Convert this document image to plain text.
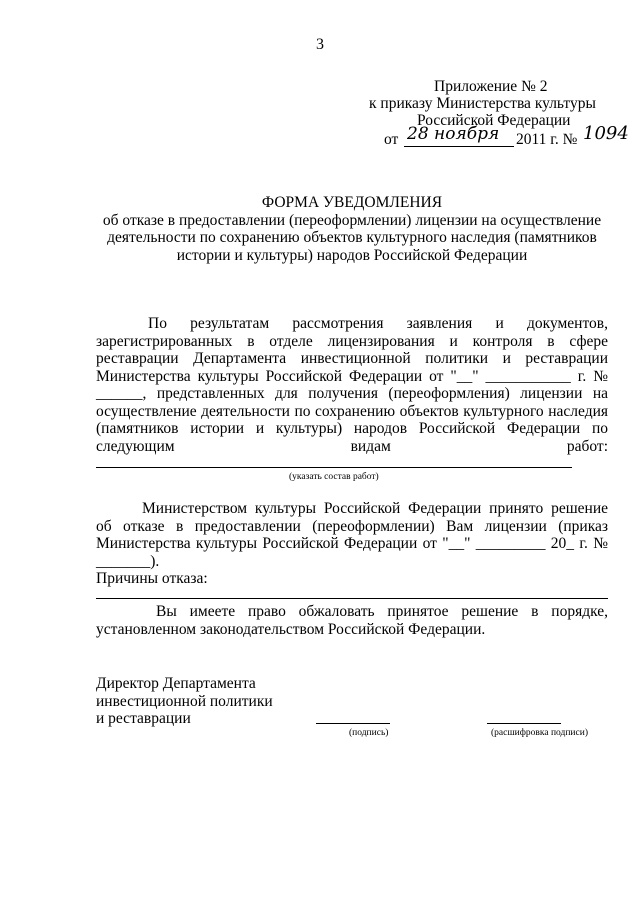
3
Приложение № 2
к приказу Министерства культуры
Российской Федерации
от 28 ноября 2011 г. № 1094
ФОРМА УВЕДОМЛЕНИЯ
об отказе в предоставлении (переоформлении) лицензии на осуществление
деятельности по сохранению объектов культурного наследия (памятников
истории и культуры) народов Российской Федерации
По результатам рассмотрения заявления и документов,
зарегистрированных в отделе лицензирования и контроля в сфере
реставрации Департамента инвестиционной политики и реставрации
Министерства культуры Российской Федерации от "__" ___________ г. №
______, представленных для получения (переоформления) лицензии на
осуществление деятельности по сохранению объектов культурного наследия
(памятников истории и культуры) народов Российской Федерации по
следующим видам работ:
(указать состав работ)
Министерством культуры Российской Федерации принято решение
об отказе в предоставлении (переоформлении) Вам лицензии (приказ
Министерства культуры Российской Федерации от "__" _________ 20_ г. №
_______).
Причины отказа:
Вы имеете право обжаловать принятое решение в порядке,
установленном законодательством Российской Федерации.
Директор Департамента
инвестиционной политики
и реставрации
(подпись)	(расшифровка подписи)
